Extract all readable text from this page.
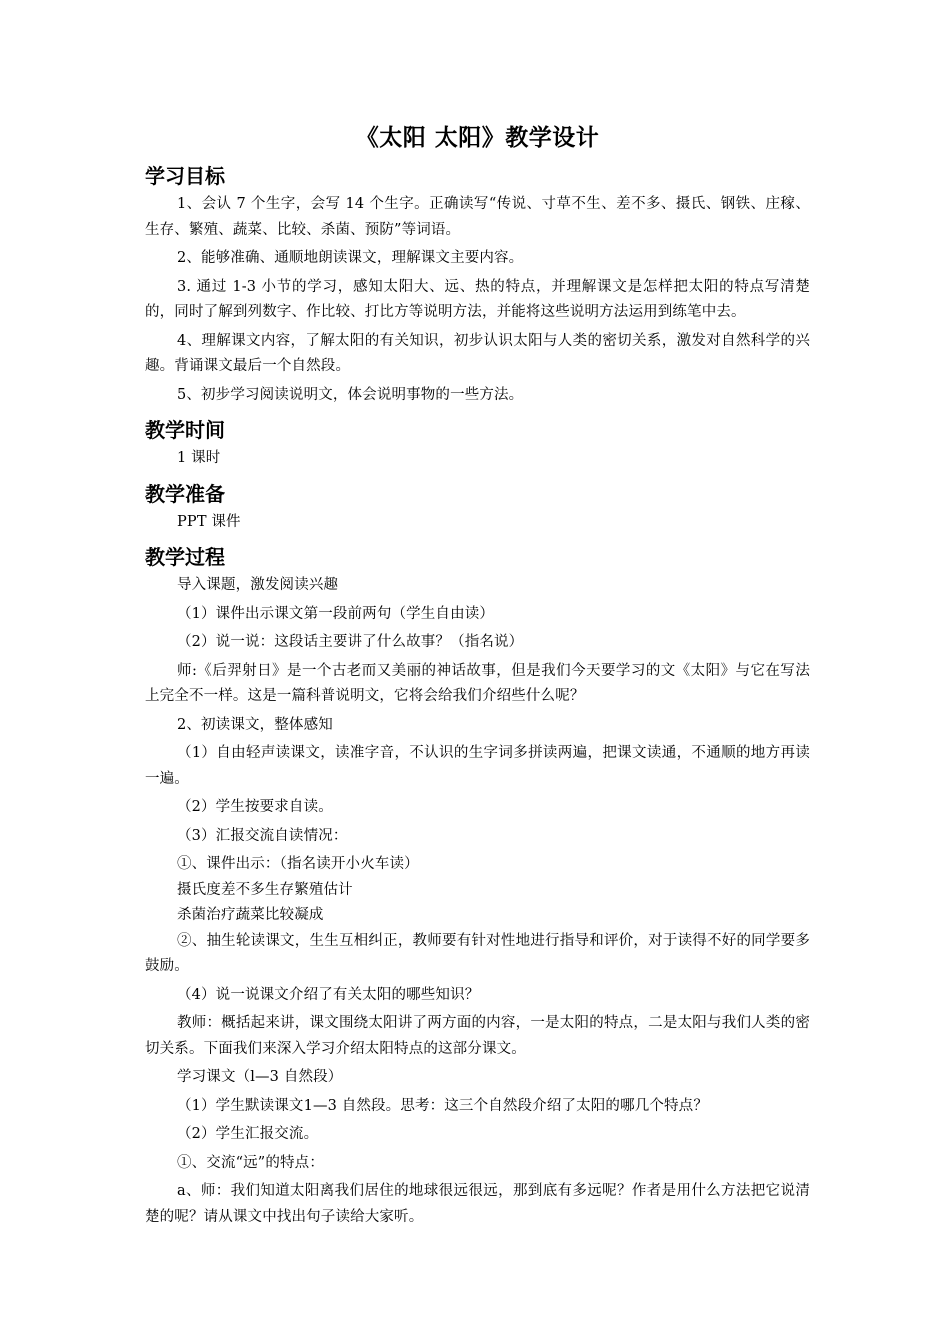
《太阳 太阳》教学设计
学习目标

1、会认 7 个生字，会写 14 个生字。正确读写“传说、寸草不生、差不多、摄氏、钢铁、庄稼、生存、繁殖、蔬菜、比较、杀菌、预防”等词语。

2、能够准确、通顺地朗读课文，理解课文主要内容。

3. 通过 1-3 小节的学习，感知太阳大、远、热的特点，并理解课文是怎样把太阳的特点写清楚的，同时了解到列数字、作比较、打比方等说明方法，并能将这些说明方法运用到练笔中去。

4、理解课文内容，了解太阳的有关知识，初步认识太阳与人类的密切关系，激发对自然科学的兴趣。背诵课文最后一个自然段。

5、初步学习阅读说明文，体会说明事物的一些方法。

教学时间

1 课时

教学准备

PPT 课件

教学过程

导入课题，激发阅读兴趣

（1）课件出示课文第一段前两句（学生自由读）

（2）说一说：这段话主要讲了什么故事？（指名说）

师:《后羿射日》是一个古老而又美丽的神话故事，但是我们今天要学习的文《太阳》与它在写法上完全不一样。这是一篇科普说明文，它将会给我们介绍些什么呢？

2、初读课文，整体感知

（1）自由轻声读课文，读准字音，不认识的生字词多拼读两遍，把课文读通，不通顺的地方再读一遍。

（2）学生按要求自读。

（3）汇报交流自读情况：

①、课件出示：（指名读开小火车读）

摄氏度差不多生存繁殖估计

杀菌治疗蔬菜比较凝成

②、抽生轮读课文，生生互相纠正，教师要有针对性地进行指导和评价，对于读得不好的同学要多鼓励。

（4）说一说课文介绍了有关太阳的哪些知识？

教师：概括起来讲，课文围绕太阳讲了两方面的内容，一是太阳的特点，二是太阳与我们人类的密切关系。下面我们来深入学习介绍太阳特点的这部分课文。

学习课文（l—3 自然段）

（1）学生默读课文1—3 自然段。思考：这三个自然段介绍了太阳的哪几个特点？

（2）学生汇报交流。

①、交流“远”的特点：

a、师：我们知道太阳离我们居住的地球很远很远，那到底有多远呢？作者是用什么方法把它说清楚的呢？请从课文中找出句子读给大家听。
